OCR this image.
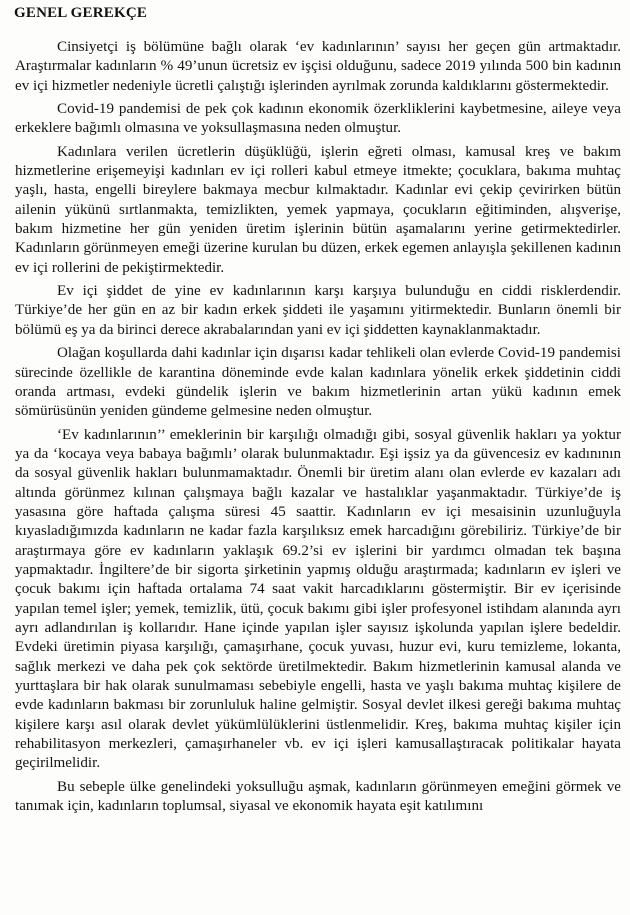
GENEL GEREKÇE

Cinsiyetçi iş bölümüne bağlı olarak ‘ev kadınlarının’ sayısı her geçen gün artmaktadır. Araştırmalar kadınların % 49’unun ücretsiz ev işçisi olduğunu, sadece 2019 yılında 500 bin kadının ev içi hizmetler nedeniyle ücretli çalıştığı işlerinden ayrılmak zorunda kaldıklarını göstermektedir.

Covid-19 pandemisi de pek çok kadının ekonomik özerkliklerini kaybetmesine, aileye veya erkeklere bağımlı olmasına ve yoksullaşmasına neden olmuştur.

Kadınlara verilen ücretlerin düşüklüğü, işlerin eğreti olması, kamusal kreş ve bakım hizmetlerine erişemeyişi kadınları ev içi rolleri kabul etmeye itmekte; çocuklara, bakıma muhtaç yaşlı, hasta, engelli bireylere bakmaya mecbur kılmaktadır. Kadınlar evi çekip çevirirken bütün ailenin yükünü sırtlanmakta, temizlikten, yemek yapmaya, çocukların eğitiminden, alışverişe, bakım hizmetine her gün yeniden üretim işlerinin bütün aşamalarını yerine getirmektedirler. Kadınların görünmeyen emeği üzerine kurulan bu düzen, erkek egemen anlayışla şekillenen kadının ev içi rollerini de pekiştirmektedir.

Ev içi şiddet de yine ev kadınlarının karşı karşıya bulunduğu en ciddi risklerdendir. Türkiye’de her gün en az bir kadın erkek şiddeti ile yaşamını yitirmektedir. Bunların önemli bir bölümü eş ya da birinci derece akrabalarından yani ev içi şiddetten kaynaklanmaktadır.

Olağan koşullarda dahi kadınlar için dışarısı kadar tehlikeli olan evlerde Covid-19 pandemisi sürecinde özellikle de karantina döneminde evde kalan kadınlara yönelik erkek şiddetinin ciddi oranda artması, evdeki gündelik işlerin ve bakım hizmetlerinin artan yükü kadının emek sömürüsünün yeniden gündeme gelmesine neden olmuştur.

‘Ev kadınlarının’’ emeklerinin bir karşılığı olmadığı gibi, sosyal güvenlik hakları ya yoktur ya da ‘kocaya veya babaya bağımlı’ olarak bulunmaktadır. Eşi işsiz ya da güvencesiz ev kadınının da sosyal güvenlik hakları bulunmamaktadır. Önemli bir üretim alanı olan evlerde ev kazaları adı altında görünmez kılınan çalışmaya bağlı kazalar ve hastalıklar yaşanmaktadır. Türkiye’de iş yasasına göre haftada çalışma süresi 45 saattir. Kadınların ev içi mesaisinin uzunluğuyla kıyasladığımızda kadınların ne kadar fazla karşılıksız emek harcadığını görebiliriz. Türkiye’de bir araştırmaya göre ev kadınların yaklaşık 69.2’si ev işlerini bir yardımcı olmadan tek başına yapmaktadır. İngiltere’de bir sigorta şirketinin yapmış olduğu araştırmada; kadınların ev işleri ve çocuk bakımı için haftada ortalama 74 saat vakit harcadıklarını göstermiştir. Bir ev içerisinde yapılan temel işler; yemek, temizlik, ütü, çocuk bakımı gibi işler profesyonel istihdam alanında ayrı ayrı adlandırılan iş kollarıdır. Hane içinde yapılan işler sayısız işkolunda yapılan işlere bedeldir. Evdeki üretimin piyasa karşılığı, çamaşırhane, çocuk yuvası, huzur evi, kuru temizleme, lokanta, sağlık merkezi ve daha pek çok sektörde üretilmektedir. Bakım hizmetlerinin kamusal alanda ve yurttaşlara bir hak olarak sunulmaması sebebiyle engelli, hasta ve yaşlı bakıma muhtaç kişilere de evde kadınların bakması bir zorunluluk haline gelmiştir. Sosyal devlet ilkesi gereği bakıma muhtaç kişilere karşı asıl olarak devlet yükümlülüklerini üstlenmelidir. Kreş, bakıma muhtaç kişiler için rehabilitasyon merkezleri, çamaşırhaneler vb. ev içi işleri kamusallaştıracak politikalar hayata geçirilmelidir.

Bu sebeple ülke genelindeki yoksulluğu aşmak, kadınların görünmeyen emeğini görmek ve tanımak için, kadınların toplumsal, siyasal ve ekonomik hayata eşit katılımını
